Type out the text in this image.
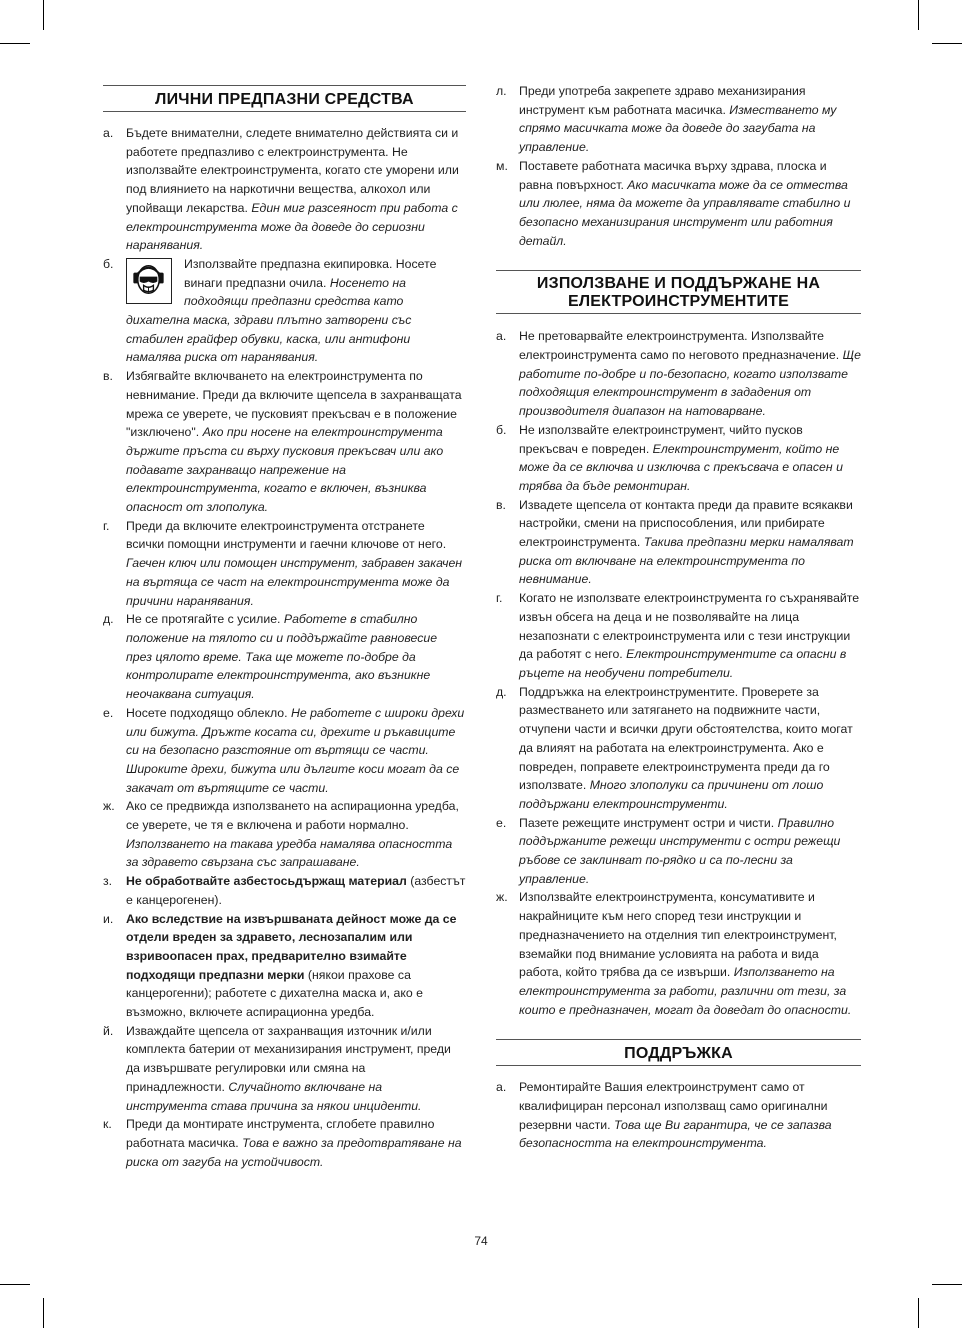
ЛИЧНИ ПРЕДПАЗНИ СРЕДСТВА
а. Бъдете внимателни, следете внимателно действията си и работете предпазливо с електроинструмента. Не използвайте електроинструмента, когато сте уморени или под влиянието на наркотични вещества, алкохол или упойващи лекарства. Един миг разсеяност при работа с електроинструмента може да доведе до сериозни наранявания.
б.	Използвайте предпазна екипировка. Носете винаги предпазни очила. Носенето на подходящи предпазни средства като дихателна маска, здрави плътно затворени със стабилен грайфер обувки, каска, или антифони намалява риска от наранявания.
в. Избягвайте включването на електроинструмента по невнимание. Преди да включите щепсела в захранващата мрежа се уверете, че пусковият прекъсвач е в положение "изключено". Ако при носене на електроинструмента държите пръста си върху пусковия прекъсвач или ако подавате захранващо напрежение на електроинструмента, когато е включен, възниква опасност от злополука.
г. Преди да включите електроинструмента отстранете всички помощни инструменти и гаечни ключове от него. Гаечен ключ или помощен инструмент, забравен закачен на въртяща се част на електроинструмента може да причини наранявания.
д. Не се протягайте с усилие. Работете в стабилно положение на тялото си и поддържайте равновесие през цялото време. Така ще можете по-добре да контролирате електроинструмента, ако възникне неочаквана ситуация.
е. Носете подходящо облекло. Не работете с широки дрехи или бижута. Дръжте косата си, дрехите и ръкавиците си на безопасно разстояние от въртящи се части. Широките дрехи, бижута или дългите коси могат да се закачат от въртящите се части.
ж. Ако се предвижда използването на аспирационна уредба, се уверете, че тя е включена и работи нормално. Използването на такава уредба намалява опасността за здравето свързана със запрашаване.
з. Не обработвайте азбестосьдържащ материал (азбестът е канцерогенен).
и. Ако вследствие на извършваната дейност може да се отдели вреден за здравето, леснозапалим или взривоопасен прах, предварително взимайте подходящи предпазни мерки (някои прахове са канцерогенни); работете с дихателна маска и, ако е възможно, включете аспирационна уредба.
й. Изваждайте щепсела от захранващия източник и/или комплекта батерии от механизирания инструмент, преди да извършвате регулировки или смяна на принадлежности. Случайното включване на инструмента става причина за някои инциденти.
к. Преди да монтирате инструмента, сглобете правилно работната масичка. Това е важно за предотвратяване на риска от загуба на устойчивост.
л. Преди употреба закрепете здраво механизирания инструмент към работната масичка. Изместването му спрямо масичката може да доведе до загубата на управление.
м. Поставете работната масичка върху здрава, плоска и равна повърхност. Ако масичката може да се отмества или люлее, няма да можете да управлявате стабилно и безопасно механизирания инструмент или работния детайл.
ИЗПОЛЗВАНЕ И ПОДДЪРЖАНЕ НА
ЕЛЕКТРОИНСТРУМЕНТИТЕ
а. Не претоварвайте електроинструмента. Използвайте електроинструмента само по неговото предназначение. Ще работите по-добре и по-безопасно, когато използвате подходящия електроинструмент в зададения от производителя диапазон на натоварване.
б. Не използвайте електроинструмент, чийто пусков прекъсвач е повреден. Електроинструмент, който не може да се включва и изключва с прекъсвача е опасен и трябва да бъде ремонтиран.
в. Извадете щепсела от контакта преди да правите всякакви настройки, смени на приспособления, или прибирате електроинструмента. Такива предпазни мерки намаляват риска от включване на електроинструмента по невнимание.
г. Когато не използвате електроинструмента го съхранявайте извън обсега на деца и не позволявайте на лица незапознати с електроинструмента или с тези инструкции да работят с него. Електроинструментите са опасни в ръцете на необучени потребители.
д. Поддръжка на електроинструментите. Проверете за разместването или затягането на подвижните части, отчупени части и всички други обстоятелства, които могат да влияят на работата на електроинструмента. Ако е повреден, поправете електроинструмента преди да го използвате. Много злополуки са причинени от лошо поддържани електроинструменти.
е. Пазете режещите инструмент остри и чисти. Правилно поддържаните режещи инструменти с остри режещи ръбове се заклинват по-рядко и са по-лесни за управление.
ж. Използвайте електроинструмента, консумативите и накрайниците към него според тези инструкции и предназначението на отделния тип електроинструмент, вземайки под внимание условията на работа и вида работа, който трябва да се извърши. Използването на електроинструмента за работи, различни от тези, за които е предназначен, могат да доведат до опасности.
ПОДДРЪЖКА
а. Ремонтирайте Вашия електроинструмент само от квалифициран персонал използващ само оригинални резервни части. Това ще Ви гарантира, че се запазва безопасността на електроинструмента.
74
